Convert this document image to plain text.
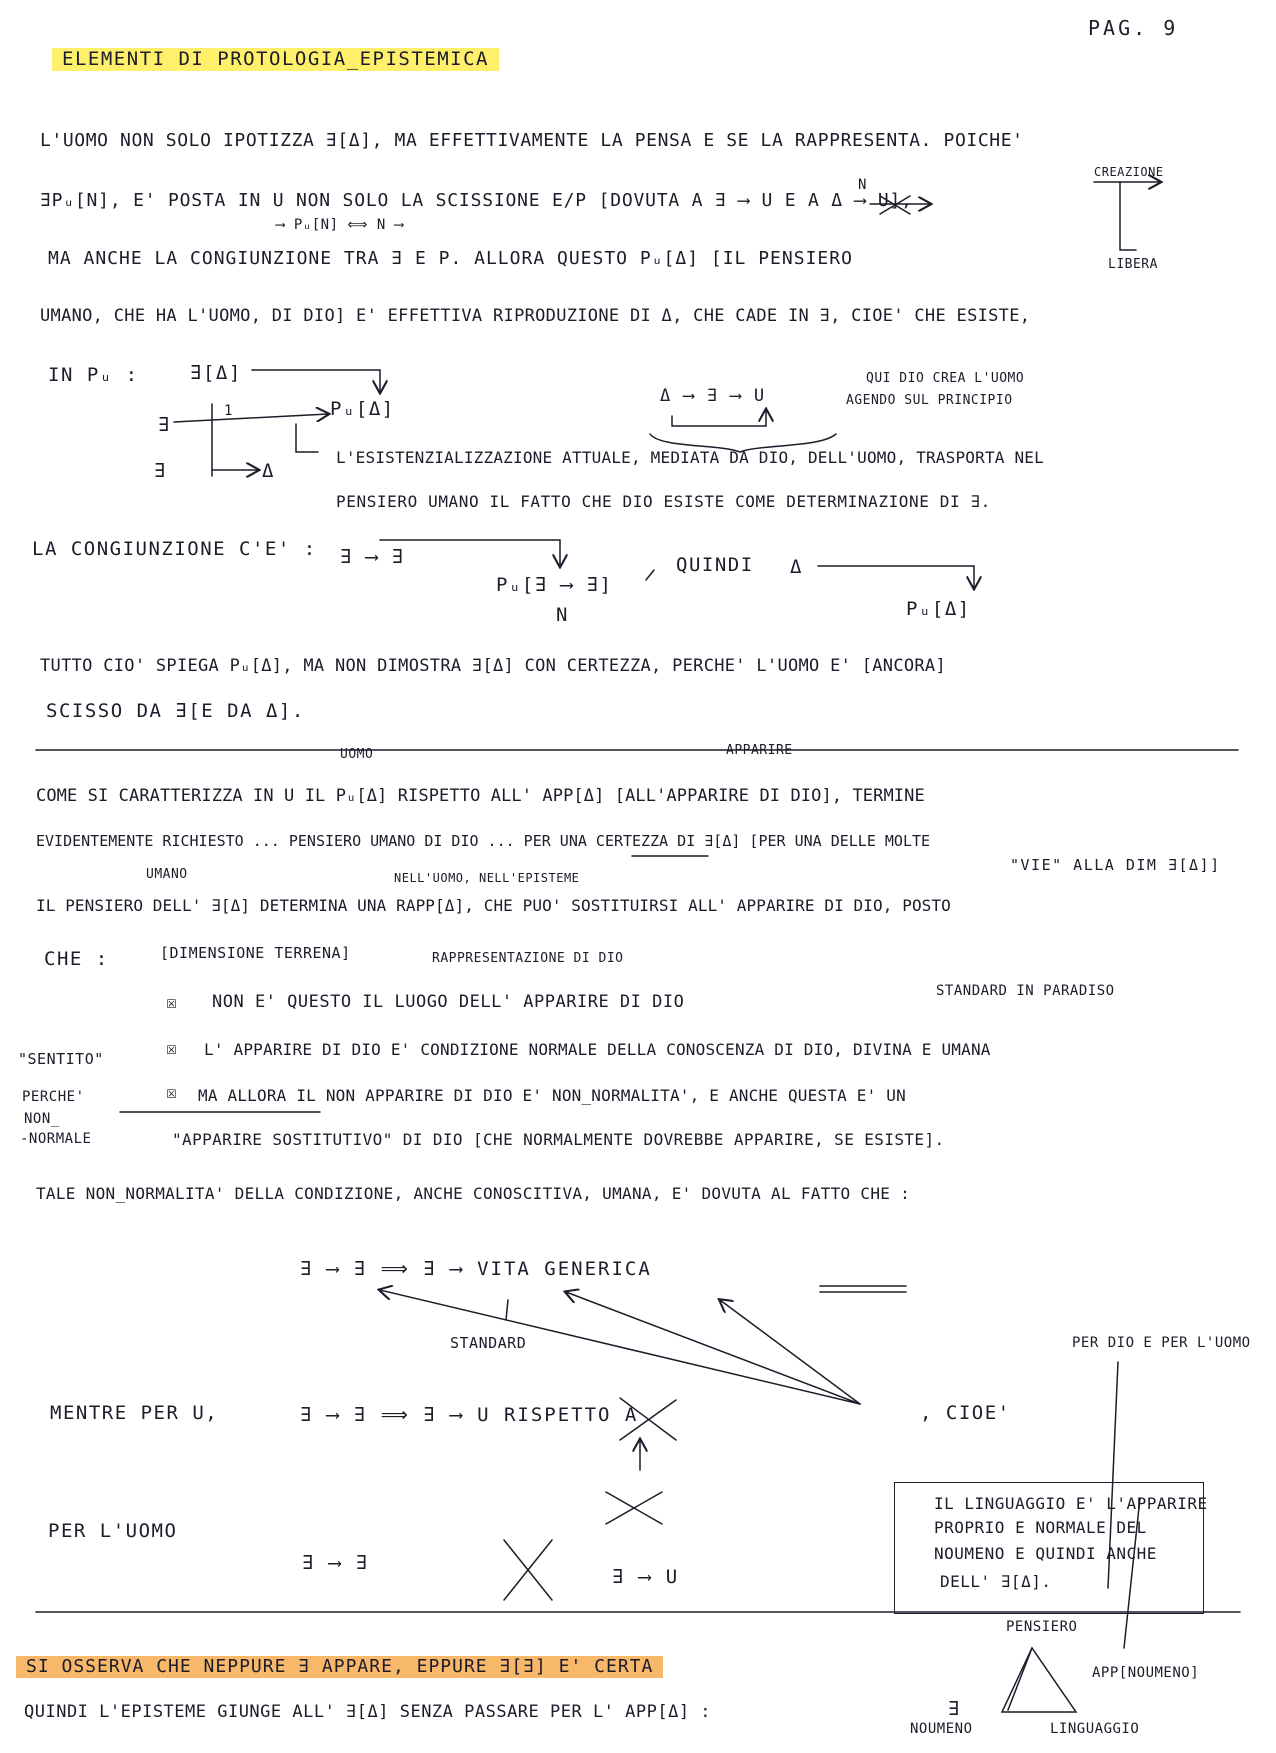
PAG. 9
ELEMENTI DI PROTOLOGIA_EPISTEMICA
L'UOMO NON SOLO IPOTIZZA ∃[Δ], MA EFFETTIVAMENTE LA PENSA E SE LA RAPPRESENTA. POICHE'
∃Pᵤ[N], E' POSTA IN U NON SOLO LA SCISSIONE E/P [DOVUTA A ∃ ⟶ U E A Δ ⟶ U],
N
CREAZIONE
LIBERA
⟶ Pᵤ[N] ⟺ N ⟶
MA ANCHE LA CONGIUNZIONE TRA ∃ E P. ALLORA QUESTO Pᵤ[Δ] [IL PENSIERO
UMANO, CHE HA L'UOMO, DI DIO] E' EFFETTIVA RIPRODUZIONE DI Δ, CHE CADE IN ∃, CIOE' CHE ESISTE,
IN Pᵤ :	∃[Δ]
∃
Pᵤ[Δ]
∃	Δ
1
Δ ⟶ ∃ ⟶ U
QUI DIO CREA L'UOMO
AGENDO SUL PRINCIPIO
L'ESISTENZIALIZZAZIONE ATTUALE, MEDIATA DA DIO, DELL'UOMO, TRASPORTA NEL
PENSIERO UMANO IL FATTO CHE DIO ESISTE COME DETERMINAZIONE DI ∃.
LA CONGIUNZIONE C'E' : ∃ ⟶ ∃
Pᵤ[∃ ⟶ ∃]
N
QUINDI Δ
Pᵤ[Δ]
TUTTO CIO' SPIEGA Pᵤ[Δ], MA NON DIMOSTRA ∃[Δ] CON CERTEZZA, PERCHE' L'UOMO E' [ANCORA]
SCISSO DA ∃[E DA Δ].
UOMO	APPARIRE
COME SI CARATTERIZZA IN U IL Pᵤ[Δ] RISPETTO ALL' APP[Δ] [ALL'APPARIRE DI DIO], TERMINE
EVIDENTEMENTE RICHIESTO ... PENSIERO UMANO DI DIO ... PER UNA CERTEZZA DI ∃[Δ] [PER UNA DELLE MOLTE
"VIE" ALLA DIM ∃[Δ]]
UMANO	NELL'UOMO, NELL'EPISTEME
IL PENSIERO DELL' ∃[Δ] DETERMINA UNA RAPP[Δ], CHE PUO' SOSTITUIRSI ALL' APPARIRE DI DIO, POSTO
CHE :	[DIMENSIONE TERRENA]	RAPPRESENTAZIONE DI DIO
STANDARD IN PARADISO
☒ NON E' QUESTO IL LUOGO DELL' APPARIRE DI DIO
☒ L' APPARIRE DI DIO E' CONDIZIONE NORMALE DELLA CONOSCENZA DI DIO, DIVINA E UMANA
☒ MA ALLORA IL NON APPARIRE DI DIO E' NON_NORMALITA', E ANCHE QUESTA E' UN
"APPARIRE SOSTITUTIVO" DI DIO [CHE NORMALMENTE DOVREBBE APPARIRE, SE ESISTE].
"SENTITO"
PERCHE'
NON_
-NORMALE
TALE NON_NORMALITA' DELLA CONDIZIONE, ANCHE CONOSCITIVA, UMANA, E' DOVUTA AL FATTO CHE :
∃ ⟶ ∃ ⟹ ∃ ⟶ VITA GENERICA
STANDARD	PER DIO E PER L'UOMO
MENTRE PER U,	∃ ⟶ ∃ ⟹ ∃ ⟶ U RISPETTO A	, CIOE'
PER L'UOMO
∃ ⟶ ∃
∃ ⟶ U
IL LINGUAGGIO E' L'APPARIRE
PROPRIO E NORMALE DEL
NOUMENO E QUINDI ANCHE
DELL' ∃[Δ].
SI OSSERVA CHE NEPPURE ∃ APPARE, EPPURE ∃[∃] E' CERTA
QUINDI L'EPISTEME GIUNGE ALL' ∃[Δ] SENZA PASSARE PER L' APP[Δ] :
PENSIERO
APP[NOUMENO]
∃
NOUMENO	LINGUAGGIO
